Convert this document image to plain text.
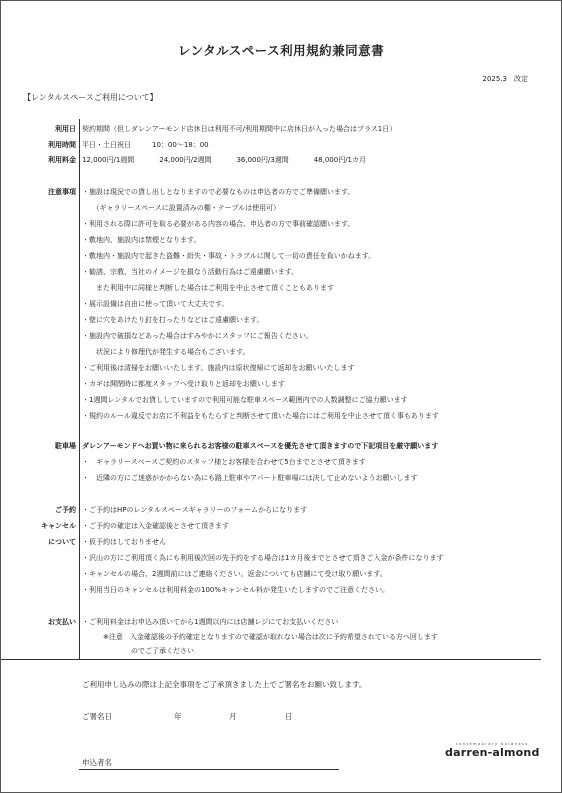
レンタルスペース利用規約兼同意書
2025.3　改定
【レンタルスペースご利用について】
利用日 契約期間（但しダレンアーモンド店休日は利用不可/利用期間中に店休日が入った場合はプラス1日）
利用時間 平日・土日祝日　　　10：00〜18：00
利用料金 12,000円/1週間	24,000円/2週間	36,000円/3週間	48,000円/1カ月
注意事項 ・施設は現況での貸し出しとなりますので必要なものは申込者の方でご準備願います。
　　（ギャラリースペースに設置済みの棚・テーブルは使用可）
・利用される際に許可を取る必要がある内容の場合、申込者の方で事前確認願います。
・敷地内、施設内は禁煙となります。
・敷地内・施設内で起きた盗難・紛失・事故・トラブルに関して一切の責任を負いかねます。
・勧誘、宗教、当社のイメージを損なう活動行為はご遠慮願います。
　　また利用中に同様と判断した場合はご利用を中止させて頂くこともあります
・展示設備は自由に使って頂いて大丈夫です。
・壁に穴をあけたり釘を打ったりなどはご遠慮願います。
・施設内で破損などあった場合はすみやかにスタッフにご報告ください。
　　状況により修理代が発生する場合もございます。
・ご利用後は清掃をお願いいたします。施設内は原状復帰にて返却をお願いいたします
・カギは開閉時に都度スタッフへ受け取りと返却をお願いします
・1週間レンタルでお貸ししていますので利用可能な駐車スペース範囲内での人数調整にご協力願います
・規約のルール違反でお店に不利益をもたらすと判断させて頂いた場合にはご利用を中止させて頂く事もあります
駐車場 ダレンアーモンドへお買い物に来られるお客様の駐車スペースを優先させて頂きますので下記項目を厳守願います
・　ギャラリースペースご契約のスタッフ様とお客様を合わせて5台までとさせて頂きます
・　近隣の方にご迷惑がかからない為にも路上駐車やアパート駐車場には決して止めないようお願いします
ご予約
キャンセル
について
・ご予約はHPのレンタルスペースギャラリーのフォームからになります
・ご予約の確定は入金確認後とさせて頂きます
・仮予約はしておりません
・沢山の方にご利用頂く為にも利用後次回の先予約をする場合は1カ月後までとさせて頂きご入金が条件になります
・キャンセルの場合、2週間前にはご連絡ください。返金についても店舗にて受け取り願います。
・利用当日のキャンセルは利用料金の100%キャンセル料が発生いたしますのでご注意ください。
お支払い ・ご利用料金はお申込み頂いてから1週間以内には店舗レジにてお支払いください
　　　※注意　入金確認後の予約確定となりますので確認が取れない場合は次に予約希望されている方へ回します
　　　　　　　のでご了承ください
ご利用申し込みの際は上記全事項をご了承頂きました上でご署名をお願い致します。
ご署名日	年	月	日
申込者名
contemporary boldness
darren-almond
